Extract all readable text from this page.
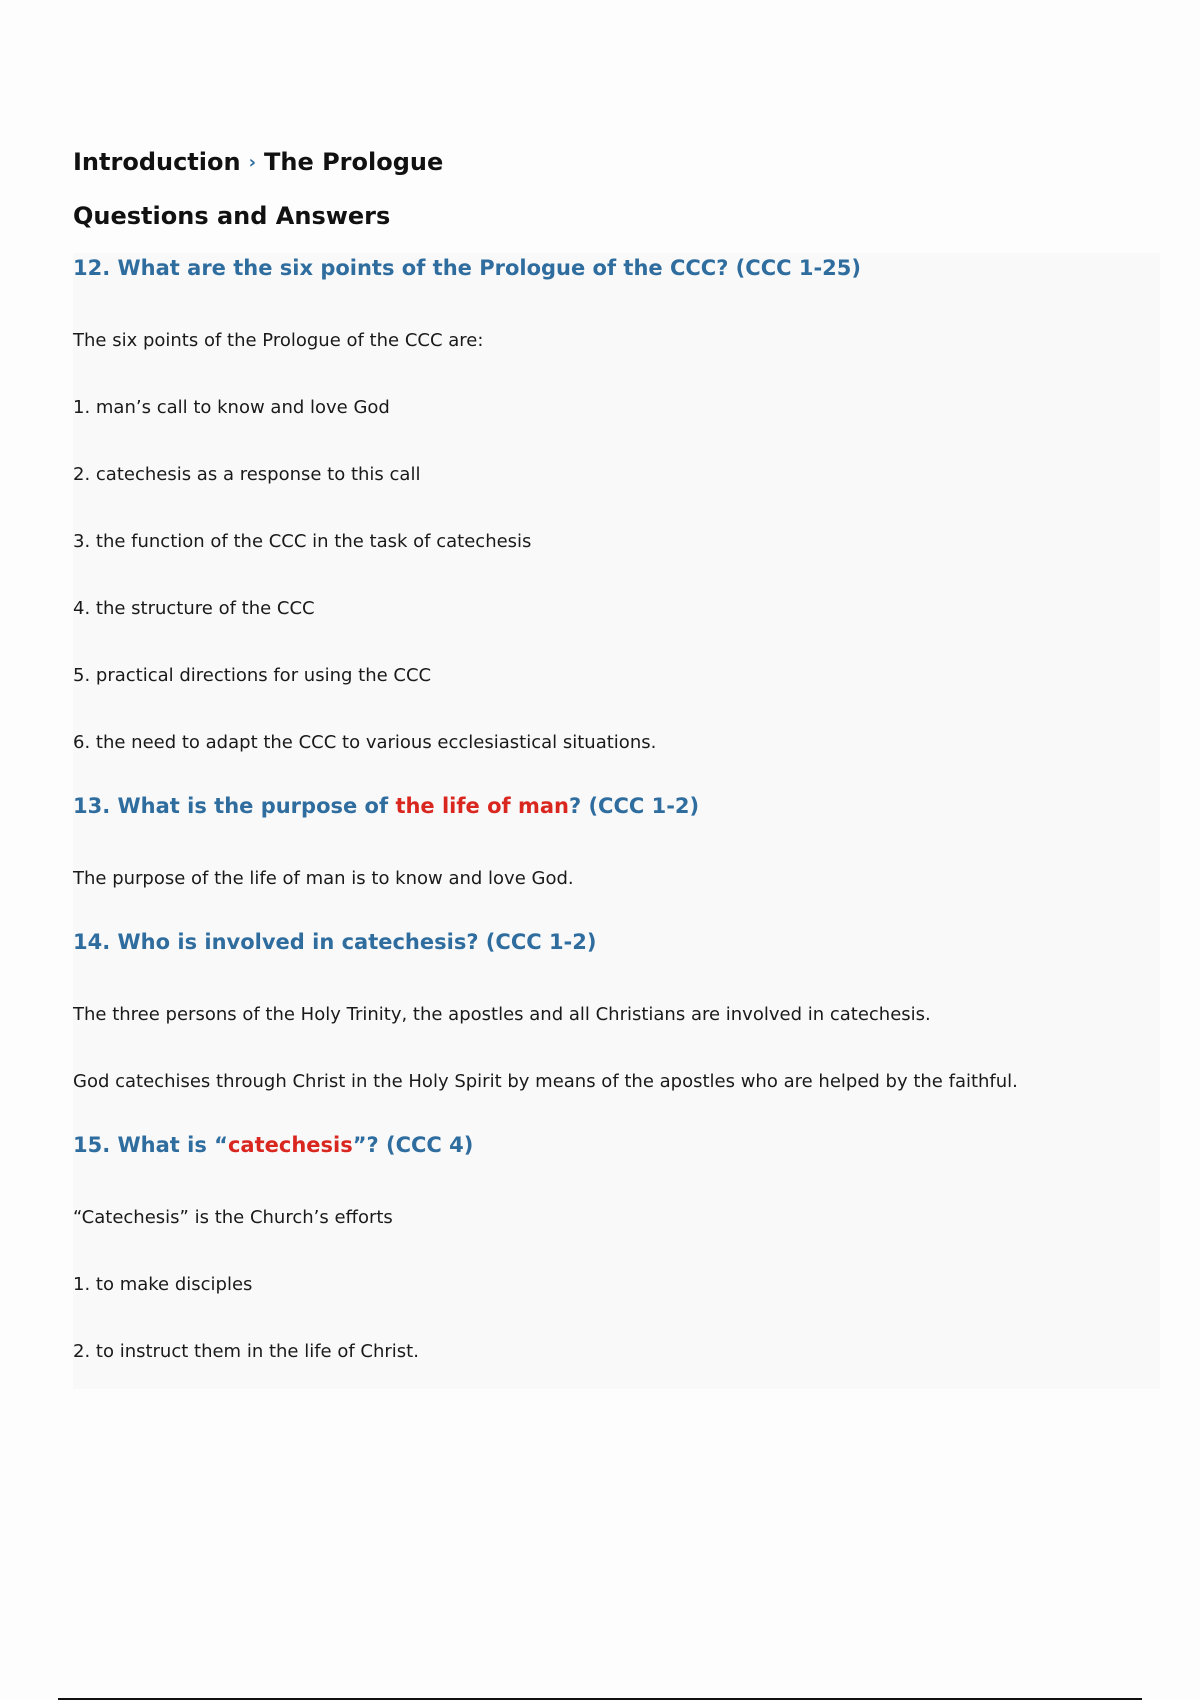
Introduction › The Prologue
Questions and Answers
12. What are the six points of the Prologue of the CCC? (CCC 1-25)
The six points of the Prologue of the CCC are:
1. man’s call to know and love God
2. catechesis as a response to this call
3. the function of the CCC in the task of catechesis
4. the structure of the CCC
5. practical directions for using the CCC
6. the need to adapt the CCC to various ecclesiastical situations.
13. What is the purpose of the life of man? (CCC 1-2)
The purpose of the life of man is to know and love God.
14. Who is involved in catechesis? (CCC 1-2)
The three persons of the Holy Trinity, the apostles and all Christians are involved in catechesis.
God catechises through Christ in the Holy Spirit by means of the apostles who are helped by the faithful.
15. What is “catechesis”? (CCC 4)
“Catechesis” is the Church’s efforts
1. to make disciples
2. to instruct them in the life of Christ.
